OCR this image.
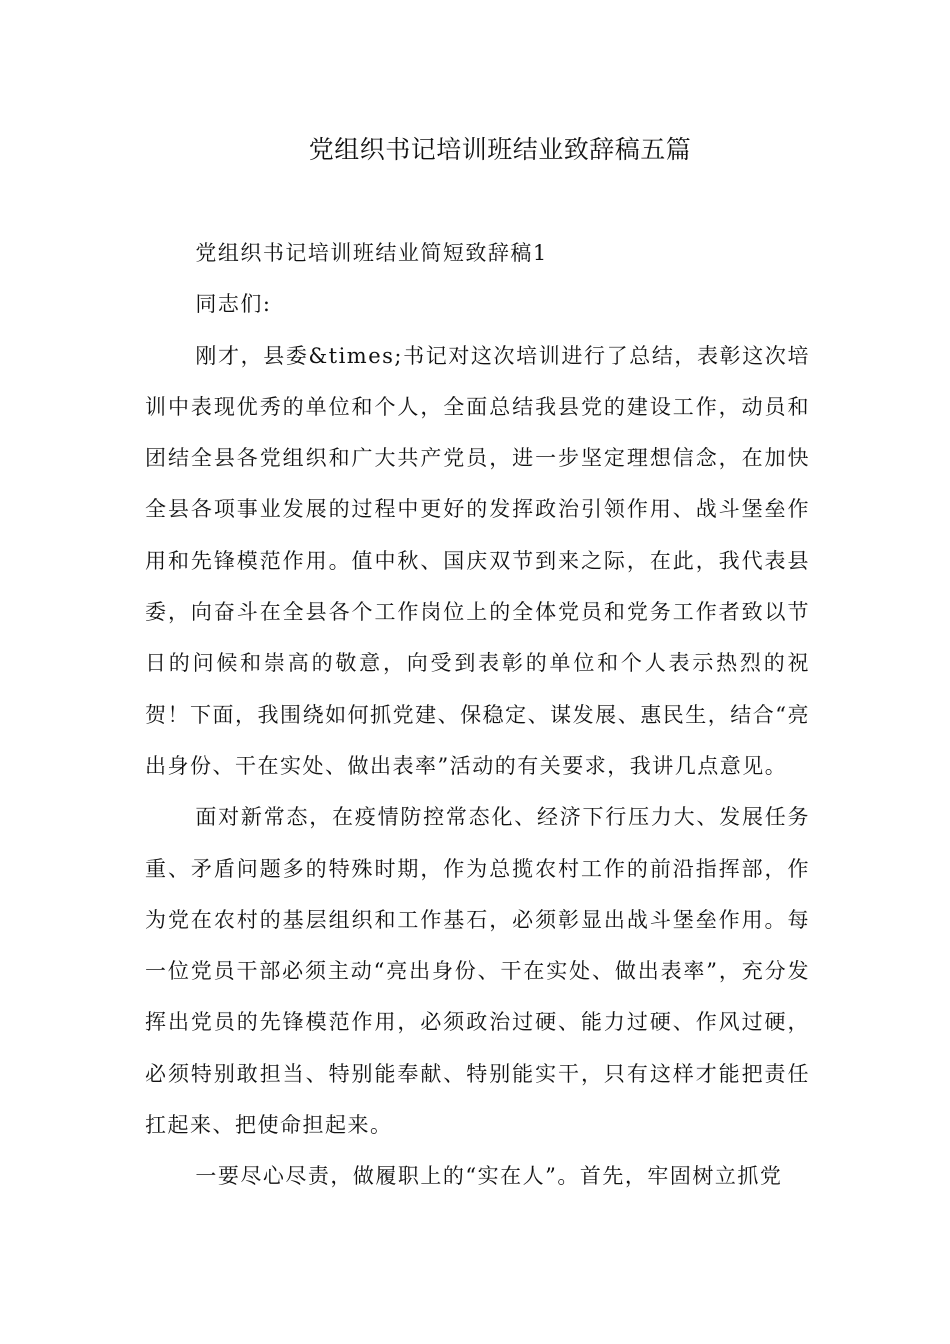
党组织书记培训班结业致辞稿五篇

党组织书记培训班结业简短致辞稿1

同志们:

刚才，县委&times;书记对这次培训进行了总结，表彰这次培训中表现优秀的单位和个人，全面总结我县党的建设工作，动员和团结全县各党组织和广大共产党员，进一步坚定理想信念，在加快全县各项事业发展的过程中更好的发挥政治引领作用、战斗堡垒作用和先锋模范作用。值中秋、国庆双节到来之际，在此，我代表县委，向奋斗在全县各个工作岗位上的全体党员和党务工作者致以节日的问候和崇高的敬意，向受到表彰的单位和个人表示热烈的祝贺！下面，我围绕如何抓党建、保稳定、谋发展、惠民生，结合“亮出身份、干在实处、做出表率”活动的有关要求，我讲几点意见。

面对新常态，在疫情防控常态化、经济下行压力大、发展任务重、矛盾问题多的特殊时期，作为总揽农村工作的前沿指挥部，作为党在农村的基层组织和工作基石，必须彰显出战斗堡垒作用。每一位党员干部必须主动“亮出身份、干在实处、做出表率”，充分发挥出党员的先锋模范作用，必须政治过硬、能力过硬、作风过硬，必须特别敢担当、特别能奉献、特别能实干，只有这样才能把责任扛起来、把使命担起来。

一要尽心尽责，做履职上的“实在人”。首先，牢固树立抓党
